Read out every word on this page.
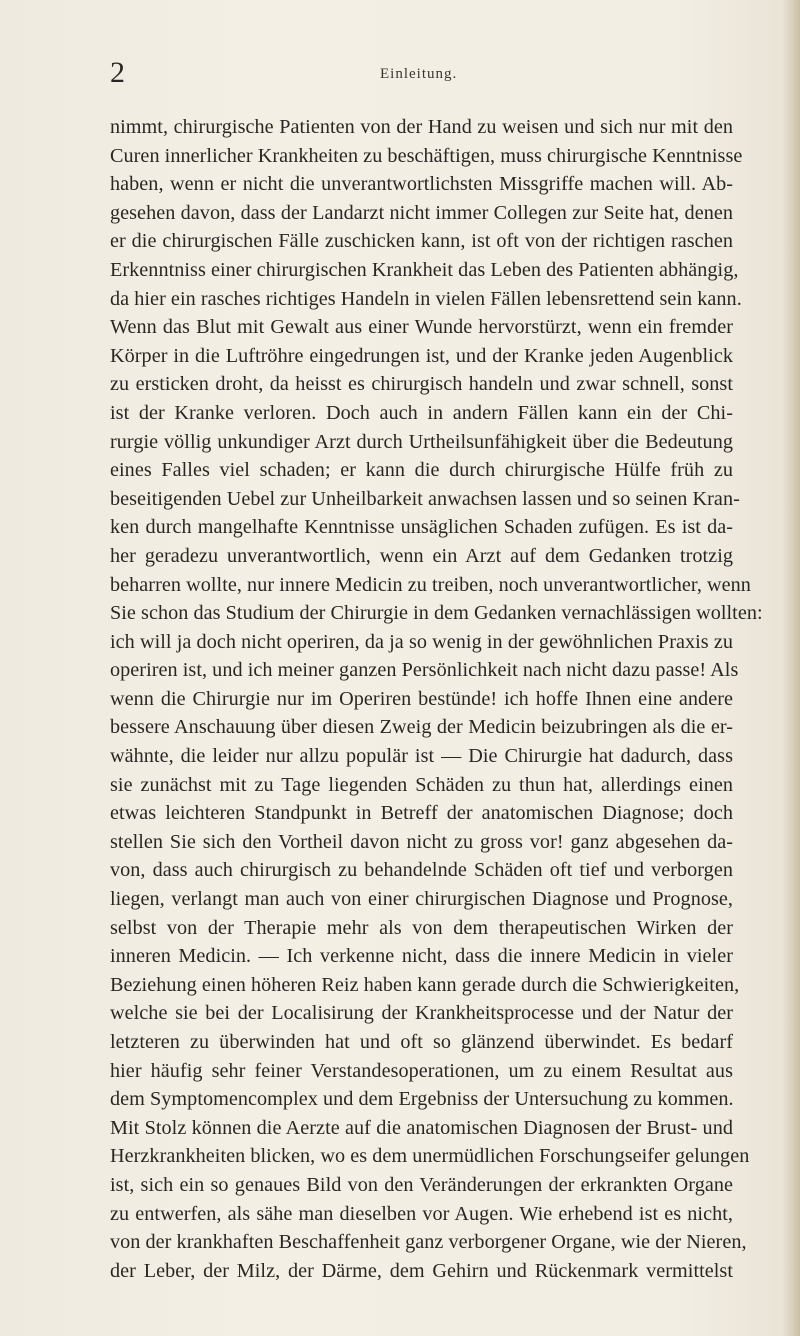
2	Einleitung.
nimmt, chirurgische Patienten von der Hand zu weisen und sich nur mit den
Curen innerlicher Krankheiten zu beschäftigen, muss chirurgische Kenntnisse
haben, wenn er nicht die unverantwortlichsten Missgriffe machen will. Ab-
gesehen davon, dass der Landarzt nicht immer Collegen zur Seite hat, denen
er die chirurgischen Fälle zuschicken kann, ist oft von der richtigen raschen
Erkenntniss einer chirurgischen Krankheit das Leben des Patienten abhängig,
da hier ein rasches richtiges Handeln in vielen Fällen lebensrettend sein kann.
Wenn das Blut mit Gewalt aus einer Wunde hervorstürzt, wenn ein fremder
Körper in die Luftröhre eingedrungen ist, und der Kranke jeden Augenblick
zu ersticken droht, da heisst es chirurgisch handeln und zwar schnell, sonst
ist der Kranke verloren. Doch auch in andern Fällen kann ein der Chi-
rurgie völlig unkundiger Arzt durch Urtheilsunfähigkeit über die Bedeutung
eines Falles viel schaden; er kann die durch chirurgische Hülfe früh zu
beseitigenden Uebel zur Unheilbarkeit anwachsen lassen und so seinen Kran-
ken durch mangelhafte Kenntnisse unsäglichen Schaden zufügen. Es ist da-
her geradezu unverantwortlich, wenn ein Arzt auf dem Gedanken trotzig
beharren wollte, nur innere Medicin zu treiben, noch unverantwortlicher, wenn
Sie schon das Studium der Chirurgie in dem Gedanken vernachlässigen wollten:
ich will ja doch nicht operiren, da ja so wenig in der gewöhnlichen Praxis zu
operiren ist, und ich meiner ganzen Persönlichkeit nach nicht dazu passe! Als
wenn die Chirurgie nur im Operiren bestünde! ich hoffe Ihnen eine andere
bessere Anschauung über diesen Zweig der Medicin beizubringen als die er-
wähnte, die leider nur allzu populär ist — Die Chirurgie hat dadurch, dass
sie zunächst mit zu Tage liegenden Schäden zu thun hat, allerdings einen
etwas leichteren Standpunkt in Betreff der anatomischen Diagnose; doch
stellen Sie sich den Vortheil davon nicht zu gross vor! ganz abgesehen da-
von, dass auch chirurgisch zu behandelnde Schäden oft tief und verborgen
liegen, verlangt man auch von einer chirurgischen Diagnose und Prognose,
selbst von der Therapie mehr als von dem therapeutischen Wirken der
inneren Medicin. — Ich verkenne nicht, dass die innere Medicin in vieler
Beziehung einen höheren Reiz haben kann gerade durch die Schwierigkeiten,
welche sie bei der Localisirung der Krankheitsprocesse und der Natur der
letzteren zu überwinden hat und oft so glänzend überwindet. Es bedarf
hier häufig sehr feiner Verstandesoperationen, um zu einem Resultat aus
dem Symptomencomplex und dem Ergebniss der Untersuchung zu kommen.
Mit Stolz können die Aerzte auf die anatomischen Diagnosen der Brust- und
Herzkrankheiten blicken, wo es dem unermüdlichen Forschungseifer gelungen
ist, sich ein so genaues Bild von den Veränderungen der erkrankten Organe
zu entwerfen, als sähe man dieselben vor Augen. Wie erhebend ist es nicht,
von der krankhaften Beschaffenheit ganz verborgener Organe, wie der Nieren,
der Leber, der Milz, der Därme, dem Gehirn und Rückenmark vermittelst
